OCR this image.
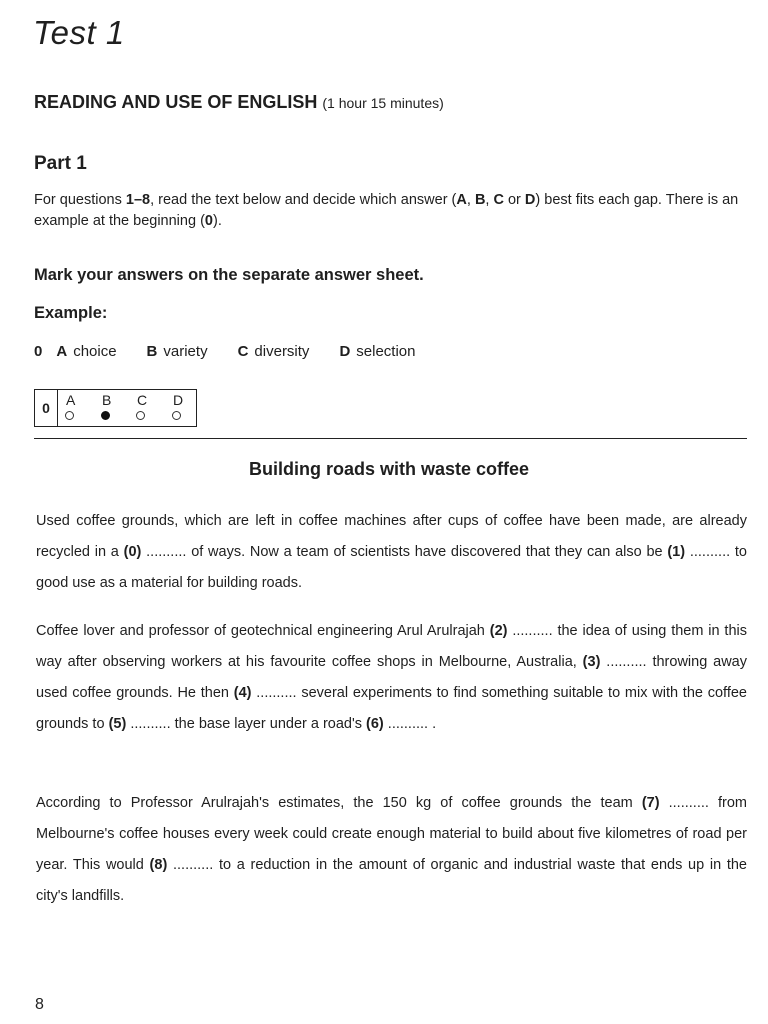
Test 1
READING AND USE OF ENGLISH (1 hour 15 minutes)
Part 1
For questions 1–8, read the text below and decide which answer (A, B, C or D) best fits each gap. There is an example at the beginning (0).
Mark your answers on the separate answer sheet.
Example:
0 A choice B variety C diversity D selection
0	A B C D
Building roads with waste coffee
Used coffee grounds, which are left in coffee machines after cups of coffee have been made, are already recycled in a (0) .......... of ways. Now a team of scientists have discovered that they can also be (1) .......... to good use as a material for building roads.
Coffee lover and professor of geotechnical engineering Arul Arulrajah (2) .......... the idea of using them in this way after observing workers at his favourite coffee shops in Melbourne, Australia, (3) .......... throwing away used coffee grounds. He then (4) .......... several experiments to find something suitable to mix with the coffee grounds to (5) .......... the base layer under a road's (6) .......... .
According to Professor Arulrajah's estimates, the 150 kg of coffee grounds the team (7) .......... from Melbourne's coffee houses every week could create enough material to build about five kilometres of road per year. This would (8) .......... to a reduction in the amount of organic and industrial waste that ends up in the city's landfills.
8
